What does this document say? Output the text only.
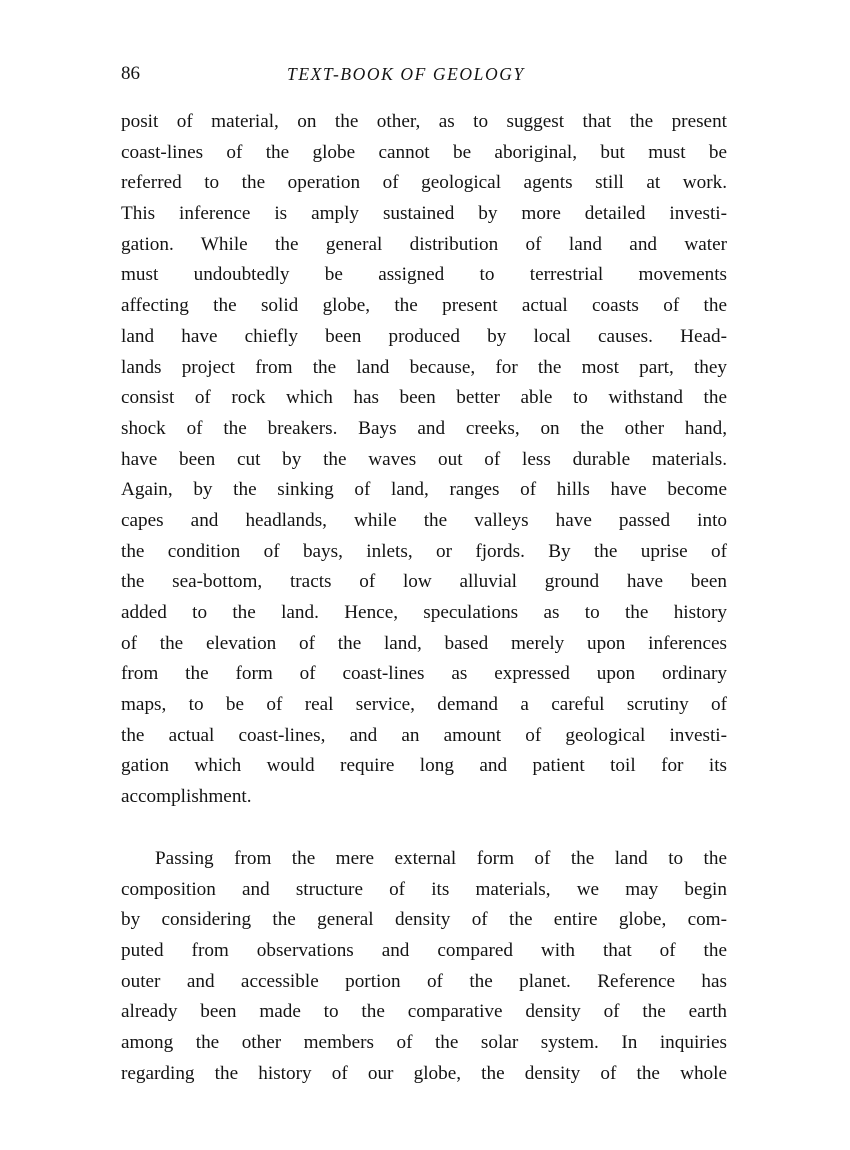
86	TEXT-BOOK OF GEOLOGY
posit of material, on the other, as to suggest that the present
coast-lines of the globe cannot be aboriginal, but must be
referred to the operation of geological agents still at work.
This inference is amply sustained by more detailed investi-
gation. While the general distribution of land and water
must undoubtedly be assigned to terrestrial movements
affecting the solid globe, the present actual coasts of the
land have chiefly been produced by local causes. Head-
lands project from the land because, for the most part, they
consist of rock which has been better able to withstand the
shock of the breakers. Bays and creeks, on the other hand,
have been cut by the waves out of less durable materials.
Again, by the sinking of land, ranges of hills have become
capes and headlands, while the valleys have passed into
the condition of bays, inlets, or fjords. By the uprise of
the sea-bottom, tracts of low alluvial ground have been
added to the land. Hence, speculations as to the history
of the elevation of the land, based merely upon inferences
from the form of coast-lines as expressed upon ordinary
maps, to be of real service, demand a careful scrutiny of
the actual coast-lines, and an amount of geological investi-
gation which would require long and patient toil for its
accomplishment.
Passing from the mere external form of the land to the
composition and structure of its materials, we may begin
by considering the general density of the entire globe, com-
puted from observations and compared with that of the
outer and accessible portion of the planet. Reference has
already been made to the comparative density of the earth
among the other members of the solar system. In inquiries
regarding the history of our globe, the density of the whole
